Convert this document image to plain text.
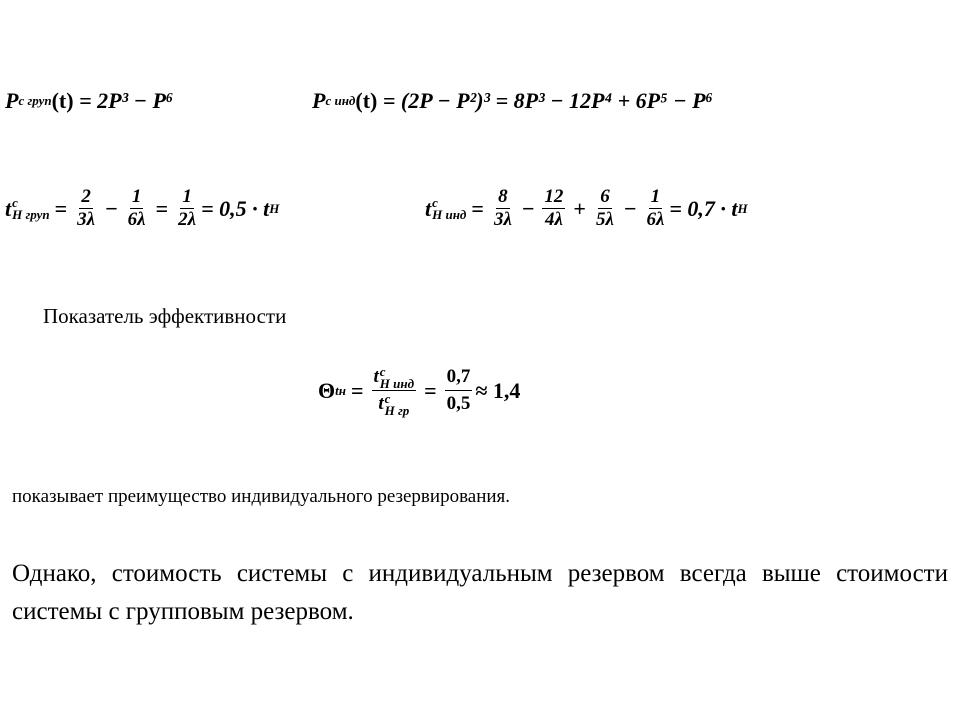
P с груп (t)
= 2P³ − P⁶	P с инд (t)
= (2P − P²)³ = 8P³ − 12P⁴ + 6P⁵ − P⁶
t c
H груп = $\frac{2}{3\lambda} - \frac{1}{6\lambda} = \frac{1}{2\lambda} = 0,5 \cdot t$ H	t c
H инд = $\frac{8}{3\lambda} - \frac{12}{4\lambda} + \frac{6}{5\lambda} - \frac{1}{6\lambda} = 0,7 \cdot t$ H
Показатель эффективности
Θ tн = t c
H инд
t c
H гр = $\frac{0,7}{0,5} \approx 1,4$
показывает преимущество индивидуального резервирования.
Однако, стоимость системы с индивидуальным резервом всегда выше стоимости системы с групповым резервом.
